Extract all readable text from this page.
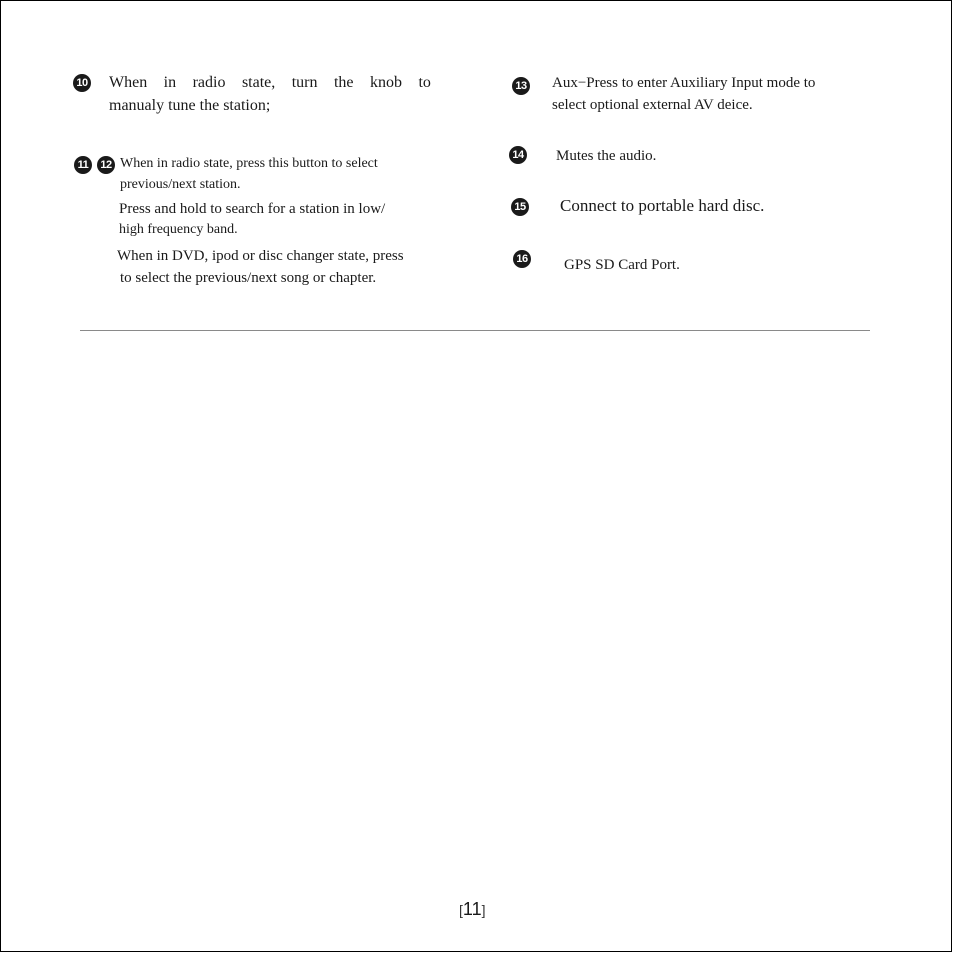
10 When in radio state, turn the knob to
manualy tune the station;
11	12 When in radio state, press this button to select
previous/next station.
Press and hold to search for a station in low/
high frequency band.
When in DVD, ipod or disc changer state, press
to select the previous/next song or chapter.
13 Aux−Press to enter Auxiliary Input mode to
select optional external AV deice.
14 Mutes the audio.
15 Connect to portable hard disc.
16 GPS SD Card Port.
[11]
